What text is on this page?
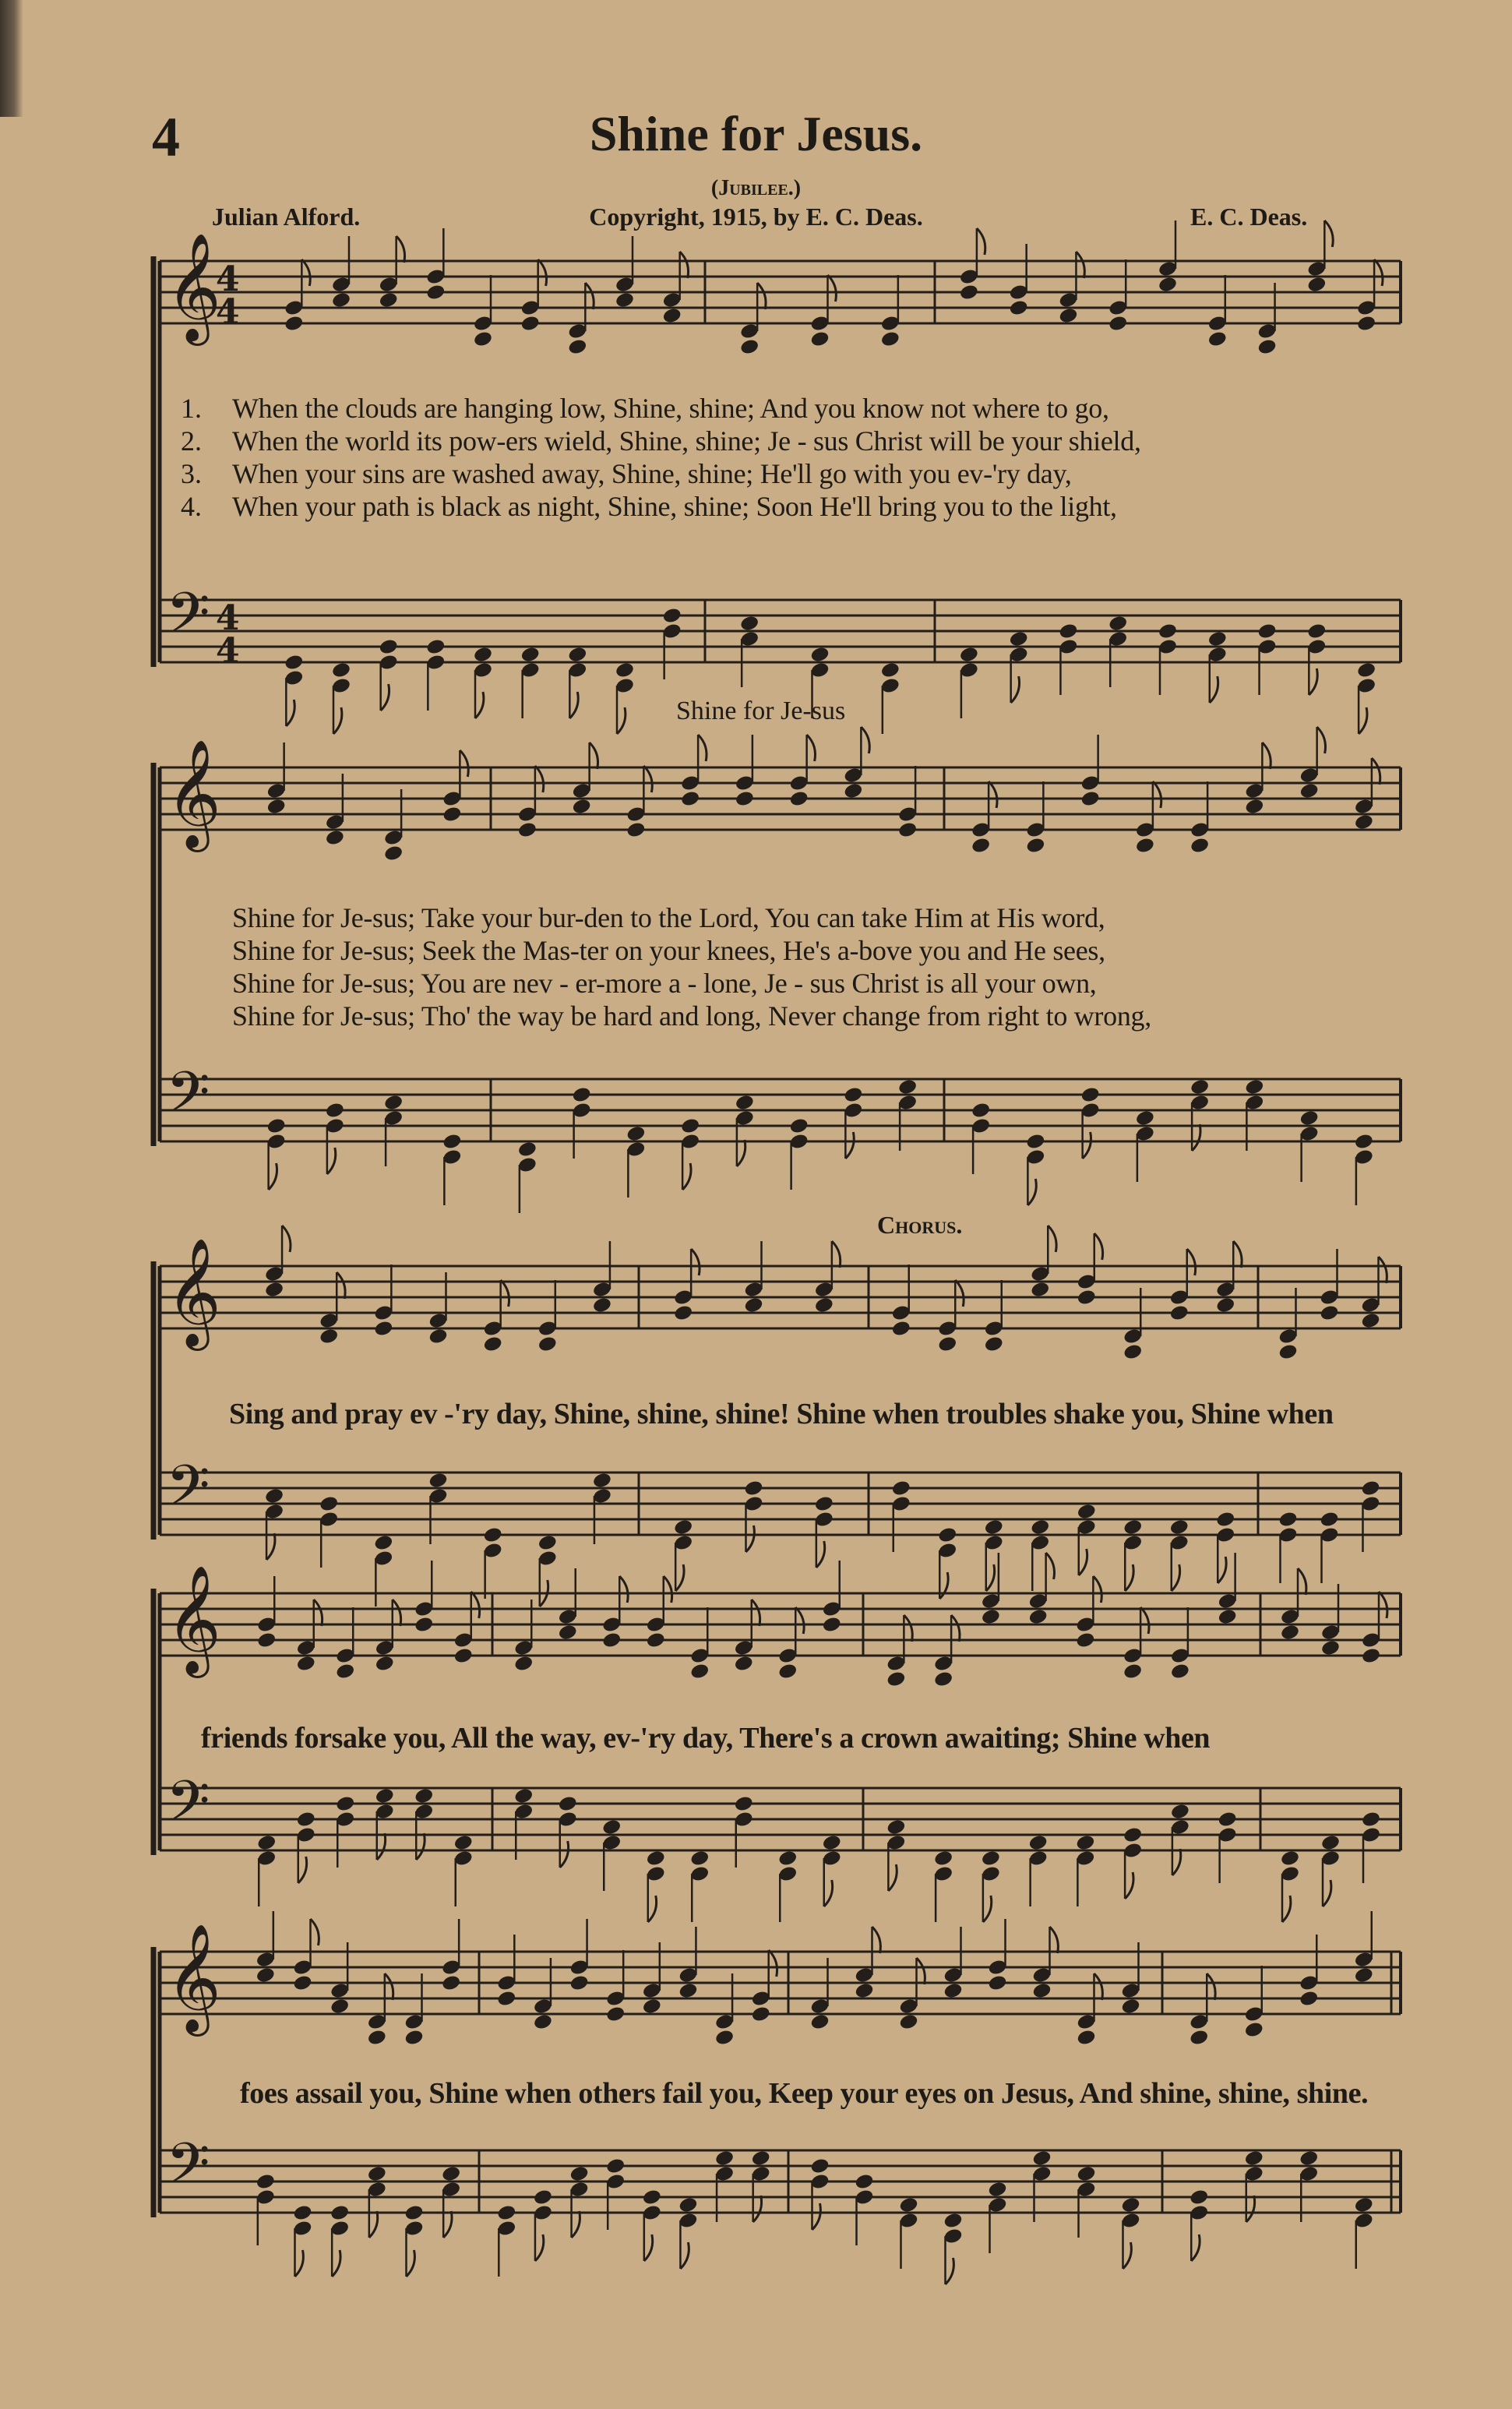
𝄞
𝄢
4
4
4
4
𝄞
𝄢
𝄞
𝄢
𝄞
𝄢
𝄞
𝄢
4	Shine for Jesus.
(Jubilee.)
Julian Alford.	Copyright, 1915, by E. C. Deas.	E. C. Deas.
1. When the clouds are hanging low, Shine, shine; And you know not where to go,
2. When the world its pow-ers wield, Shine, shine; Je - sus Christ will be your shield,
3. When your sins are washed away, Shine, shine; He'll go with you ev-'ry day,
4. When your path is black as night, Shine, shine; Soon He'll bring you to the light,
Shine for Je-sus
Shine for Je-sus; Take your bur-den to the Lord, You can take Him at His word,
Shine for Je-sus; Seek the Mas-ter on your knees, He's a-bove you and He sees,
Shine for Je-sus; You are nev - er-more a - lone, Je - sus Christ is all your own,
Shine for Je-sus; Tho' the way be hard and long, Never change from right to wrong,
Chorus.
Sing and pray ev -'ry day, Shine, shine, shine! Shine when troubles shake you, Shine when
friends forsake you, All the way, ev-'ry day, There's a crown awaiting; Shine when
foes assail you, Shine when others fail you, Keep your eyes on Jesus, And shine, shine, shine.
